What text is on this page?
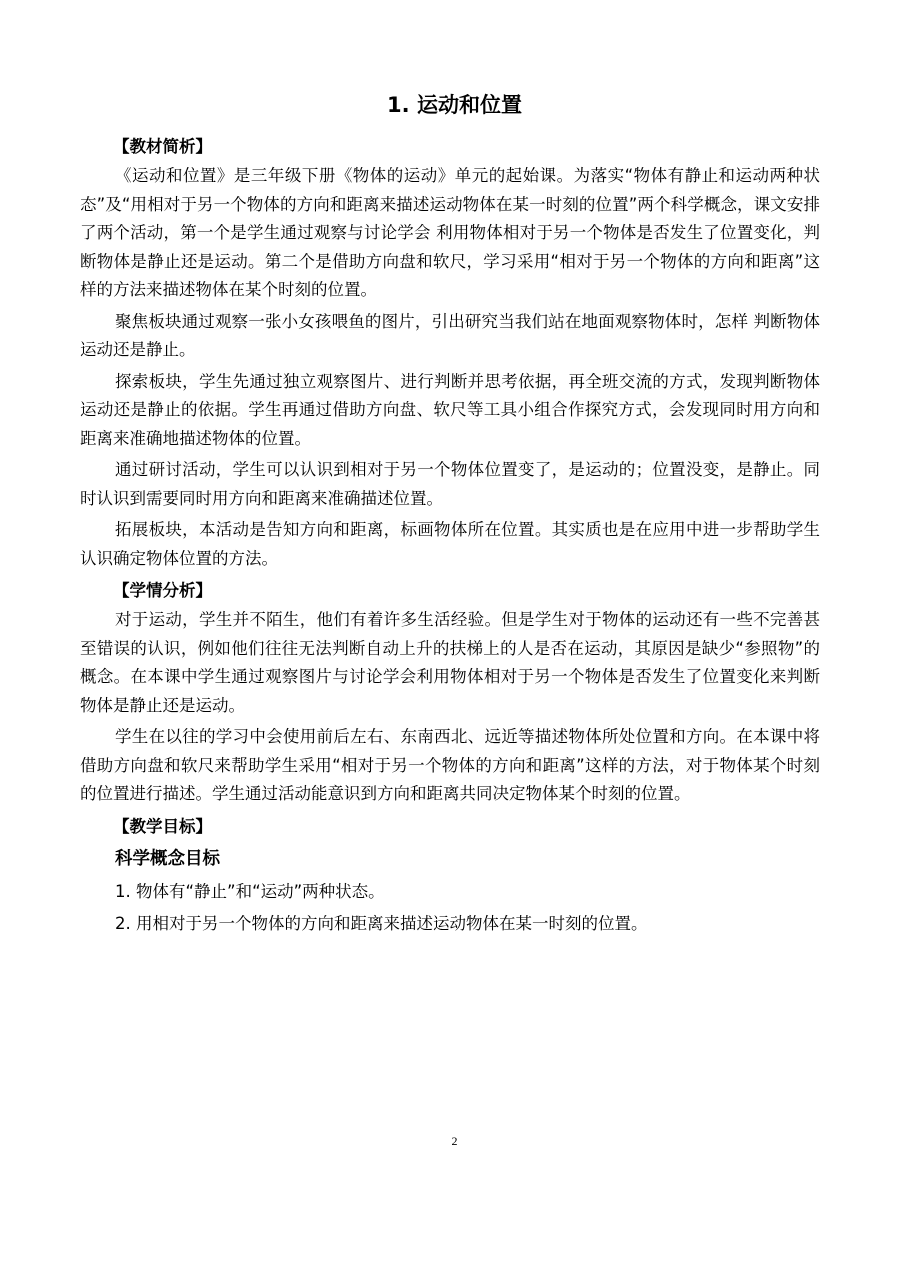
1. 运动和位置

【教材简析】

《运动和位置》是三年级下册《物体的运动》单元的起始课。为落实“物体有静止和运动两种状态”及“用相对于另一个物体的方向和距离来描述运动物体在某一时刻的位置”两个科学概念，课文安排了两个活动，第一个是学生通过观察与讨论学会 利用物体相对于另一个物体是否发生了位置变化，判断物体是静止还是运动。第二个是借助方向盘和软尺，学习采用“相对于另一个物体的方向和距离”这样的方法来描述物体在某个时刻的位置。

聚焦板块通过观察一张小女孩喂鱼的图片，引出研究当我们站在地面观察物体时，怎样 判断物体运动还是静止。

探索板块，学生先通过独立观察图片、进行判断并思考依据，再全班交流的方式，发现判断物体运动还是静止的依据。学生再通过借助方向盘、软尺等工具小组合作探究方式，会发现同时用方向和距离来准确地描述物体的位置。

通过研讨活动，学生可以认识到相对于另一个物体位置变了，是运动的；位置没变，是静止。同时认识到需要同时用方向和距离来准确描述位置。

拓展板块，本活动是告知方向和距离，标画物体所在位置。其实质也是在应用中进一步帮助学生认识确定物体位置的方法。

【学情分析】

对于运动，学生并不陌生，他们有着许多生活经验。但是学生对于物体的运动还有一些不完善甚至错误的认识，例如他们往往无法判断自动上升的扶梯上的人是否在运动，其原因是缺少“参照物”的概念。在本课中学生通过观察图片与讨论学会利用物体相对于另一个物体是否发生了位置变化来判断物体是静止还是运动。

学生在以往的学习中会使用前后左右、东南西北、远近等描述物体所处位置和方向。在本课中将借助方向盘和软尺来帮助学生采用“相对于另一个物体的方向和距离”这样的方法，对于物体某个时刻的位置进行描述。学生通过活动能意识到方向和距离共同决定物体某个时刻的位置。

【教学目标】

科学概念目标

1. 物体有“静止”和“运动”两种状态。

2. 用相对于另一个物体的方向和距离来描述运动物体在某一时刻的位置。

2
